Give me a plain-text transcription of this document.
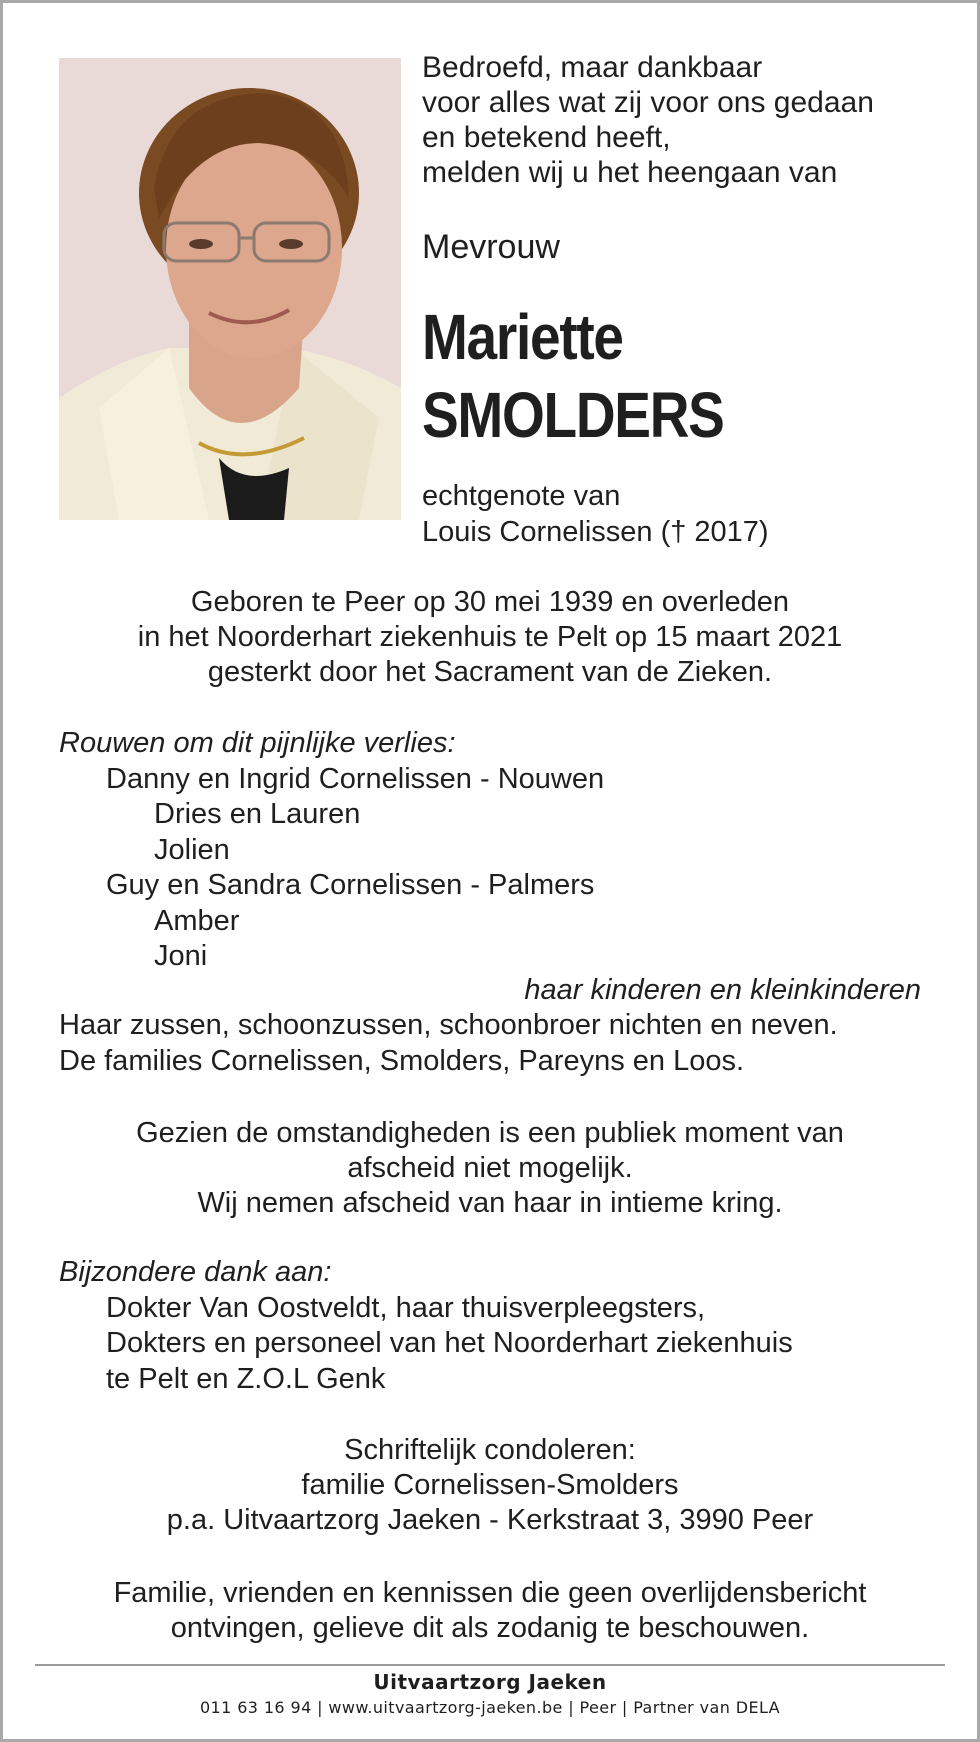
Bedroefd, maar dankbaar
voor alles wat zij voor ons gedaan
en betekend heeft,
melden wij u het heengaan van
Mevrouw
Mariette
SMOLDERS
echtgenote van
Louis Cornelissen († 2017)
Geboren te Peer op 30 mei 1939 en overleden
in het Noorderhart ziekenhuis te Pelt op 15 maart 2021
gesterkt door het Sacrament van de Zieken.
Rouwen om dit pijnlijke verlies:
Danny en Ingrid Cornelissen - Nouwen
Dries en Lauren
Jolien
Guy en Sandra Cornelissen - Palmers
Amber
Joni
haar kinderen en kleinkinderen
Haar zussen, schoonzussen, schoonbroer nichten en neven.
De families Cornelissen, Smolders, Pareyns en Loos.
Gezien de omstandigheden is een publiek moment van
afscheid niet mogelijk.
Wij nemen afscheid van haar in intieme kring.
Bijzondere dank aan:
Dokter Van Oostveldt, haar thuisverpleegsters,
Dokters en personeel van het Noorderhart ziekenhuis
te Pelt en Z.O.L Genk
Schriftelijk condoleren:
familie Cornelissen-Smolders
p.a. Uitvaartzorg Jaeken - Kerkstraat 3, 3990 Peer
Familie, vrienden en kennissen die geen overlijdensbericht
ontvingen, gelieve dit als zodanig te beschouwen.
Uitvaartzorg Jaeken
011 63 16 94 | www.uitvaartzorg-jaeken.be | Peer | Partner van DELA
